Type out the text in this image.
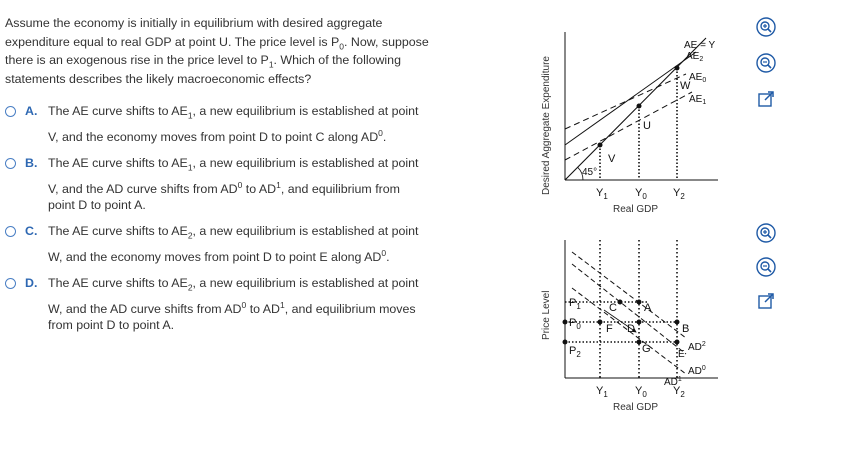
Assume the economy is initially in equilibrium with desired aggregate
expenditure equal to real GDP at point U. The price level is $P_0$. Now, suppose
there is an exogenous rise in the price level to $P_1$. Which of the following
statements describes the likely macroeconomic effects?
A. The AE curve shifts to $AE_1$, a new equilibrium is established at point
V, and the economy moves from point D to point C along $AD^0$.
B. The AE curve shifts to $AE_1$, a new equilibrium is established at point
V, and the AD curve shifts from $AD^0$ to $AD^1$, and equilibrium from
point D to point A.
C. The AE curve shifts to $AE_2$, a new equilibrium is established at point
W, and the economy moves from point D to point E along $AD^0$.
D. The AE curve shifts to $AE_2$, a new equilibrium is established at point
W, and the AD curve shifts from $AD^0$ to $AD^1$, and equilibrium moves
from point D to point A.
Desired Aggregate Expenditure	45°
V
U
W
AE = Y
$AE_2$
$AE_0$
$AE_1$
$Y_1$ $Y_0$ $Y_2$
Real GDP
Price Level	C A
F D	B
G	E
$P_1$
$P_0$
$P_2$
$AD^2$
$AD^0$
$AD^1$
$Y_1$ $Y_0$ $Y_2$
Real GDP
